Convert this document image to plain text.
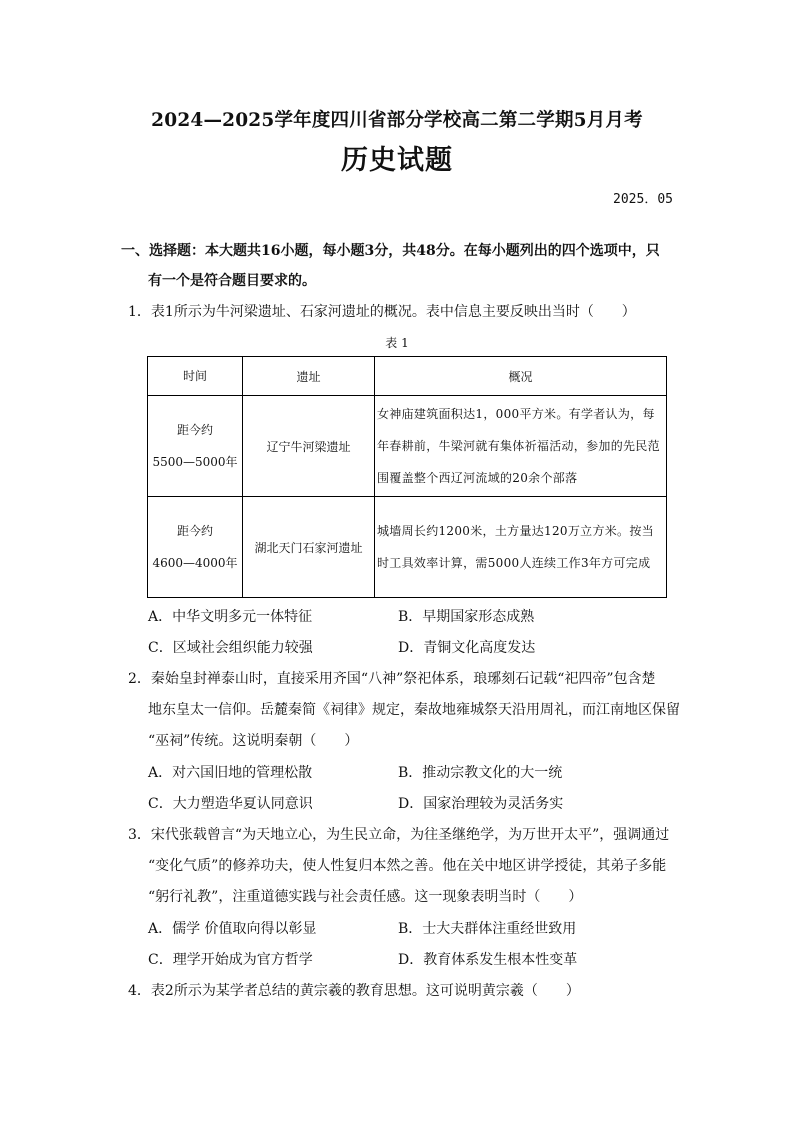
2024—2025学年度四川省部分学校高二第二学期5月月考
历史试题
2025．05
一、选择题：本大题共16小题，每小题3分，共48分。在每小题列出的四个选项中，只
有一个是符合题目要求的。
1．表1所示为牛河梁遗址、石家河遗址的概况。表中信息主要反映出当时（　　）
表 1
时间	遗址	概况

距今约
5500—5000年	辽宁牛河梁遗址	女神庙建筑面积达1，000平方米。有学者认为，每年春耕前，牛梁河就有集体祈福活动，参加的先民范围覆盖整个西辽河流域的20余个部落

距今约
4600—4000年	湖北天门石家河遗址	城墙周长约1200米，土方量达120万立方米。按当时工具效率计算，需5000人连续工作3年方可完成
A．中华文明多元一体特征	B．早期国家形态成熟
C．区域社会组织能力较强	D．青铜文化高度发达
2．秦始皇封禅泰山时，直接采用齐国“八神”祭祀体系，琅琊刻石记载“祀四帝”包含楚
地东皇太一信仰。岳麓秦简《祠律》规定，秦故地雍城祭天沿用周礼，而江南地区保留
“巫祠”传统。这说明秦朝（　　）
A．对六国旧地的管理松散	B．推动宗教文化的大一统
C．大力塑造华夏认同意识	D．国家治理较为灵活务实
3．宋代张载曾言“为天地立心，为生民立命，为往圣继绝学，为万世开太平”，强调通过
“变化气质”的修养功夫，使人性复归本然之善。他在关中地区讲学授徒，其弟子多能
“躬行礼教”，注重道德实践与社会责任感。这一现象表明当时（　　）
A．儒学 价值取向得以彰显	B．士大夫群体注重经世致用
C．理学开始成为官方哲学	D．教育体系发生根本性变革
4．表2所示为某学者总结的黄宗羲的教育思想。这可说明黄宗羲（　　）
